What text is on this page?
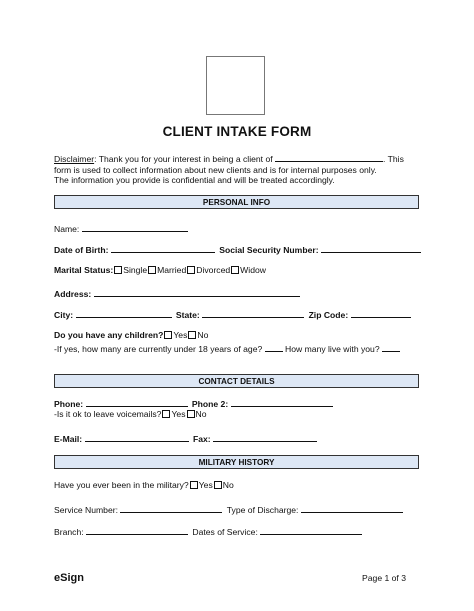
CLIENT INTAKE FORM
Disclaimer: Thank you for your interest in being a client of	. This
form is used to collect information about new clients and is for internal purposes only.
The information you provide is confidential and will be treated accordingly.
PERSONAL INFO
Name:
Date of Birth:	Social Security Number:
Marital Status: Single Married Divorced Widow
Address:
City:	State:	Zip Code:
Do you have any children? Yes No
-If yes, how many are currently under 18 years of age?	How many live with you?
CONTACT DETAILS
Phone:	Phone 2:
-Is it ok to leave voicemails? Yes No
E-Mail:	Fax:
MILITARY HISTORY
Have you ever been in the military? Yes No
Service Number:	Type of Discharge:
Branch:	Dates of Service:
eSign	Page 1 of 3
